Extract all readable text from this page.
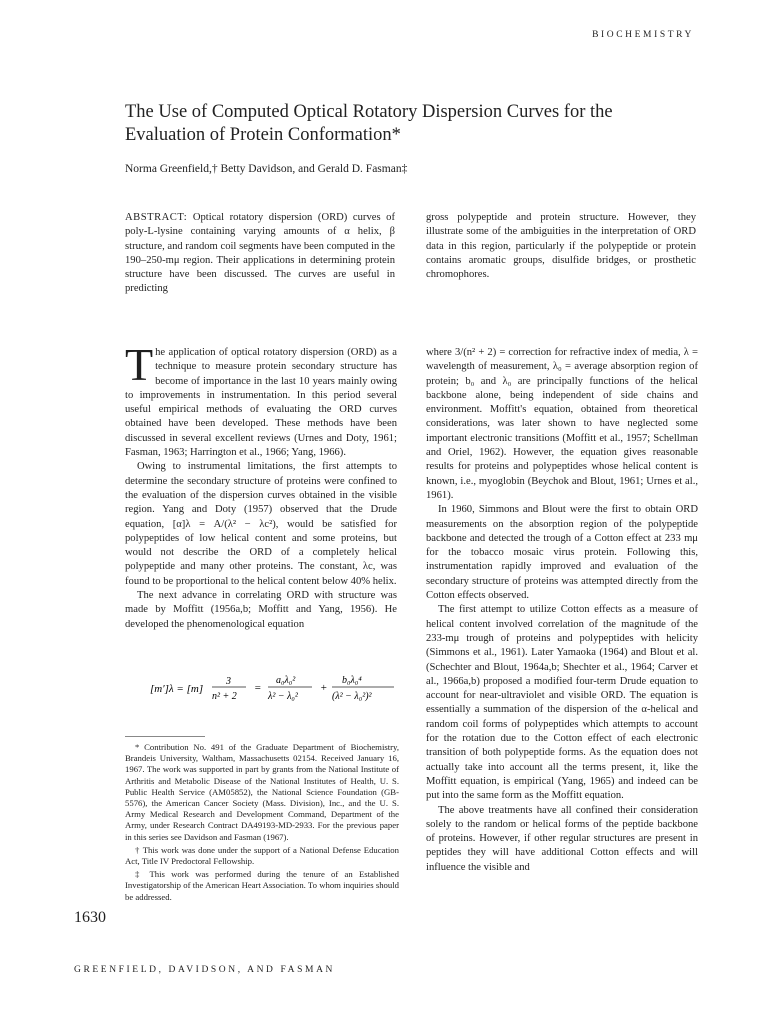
BIOCHEMISTRY
The Use of Computed Optical Rotatory Dispersion Curves for the Evaluation of Protein Conformation*
Norma Greenfield,† Betty Davidson, and Gerald D. Fasman‡
ABSTRACT: Optical rotatory dispersion (ORD) curves of poly-L-lysine containing varying amounts of α helix, β structure, and random coil segments have been computed in the 190–250-mμ region. Their applications in determining protein structure have been discussed. The curves are useful in predicting
gross polypeptide and protein structure. However, they illustrate some of the ambiguities in the interpretation of ORD data in this region, particularly if the polypeptide or protein contains aromatic groups, disulfide bridges, or prosthetic chromophores.

The application of optical rotatory dispersion (ORD) as a technique to measure protein secondary structure has become of importance in the last 10 years mainly owing to improvements in instrumentation. In this period several useful empirical methods of evaluating the ORD curves obtained have been developed. These methods have been discussed in several excellent reviews (Urnes and Doty, 1961; Fasman, 1963; Harrington et al., 1966; Yang, 1966).

Owing to instrumental limitations, the first attempts to determine the secondary structure of proteins were confined to the evaluation of the dispersion curves obtained in the visible region. Yang and Doty (1957) observed that the Drude equation, [α]λ = A/(λ² − λc²), would be satisfied for polypeptides of low helical content and some proteins, but would not describe the ORD of a completely helical polypeptide and many other proteins. The constant, λc, was found to be proportional to the helical content below 40% helix.

The next advance in correlating ORD with structure was made by Moffitt (1956a,b; Moffitt and Yang, 1956). He developed the phenomenological equation

[m′]λ = [m]
3
n² + 2
=
a₀λ₀²
λ² − λ₀²
+
b₀λ₀⁴
(λ² − λ₀²)²

* Contribution No. 491 of the Graduate Department of Biochemistry, Brandeis University, Waltham, Massachusetts 02154. Received January 16, 1967. The work was supported in part by grants from the National Institute of Arthritis and Metabolic Disease of the National Institutes of Health, U. S. Public Health Service (AM05852), the National Science Foundation (GB-5576), the American Cancer Society (Mass. Division), Inc., and the U. S. Army Medical Research and Development Command, Department of the Army, under Research Contract DA49193-MD-2933. For the previous paper in this series see Davidson and Fasman (1967).

† This work was done under the support of a National Defense Education Act, Title IV Predoctoral Fellowship.

‡ This work was performed during the tenure of an Established Investigatorship of the American Heart Association. To whom inquiries should be addressed.

where 3/(n² + 2) = correction for refractive index of media, λ = wavelength of measurement, λ₀ = average absorption region of protein; b₀ and λ₀ are principally functions of the helical backbone alone, being independent of side chains and environment. Moffitt's equation, obtained from theoretical considerations, was later shown to have neglected some important electronic transitions (Moffitt et al., 1957; Schellman and Oriel, 1962). However, the equation gives reasonable results for proteins and polypeptides whose helical content is known, i.e., myoglobin (Beychok and Blout, 1961; Urnes et al., 1961).

In 1960, Simmons and Blout were the first to obtain ORD measurements on the absorption region of the polypeptide backbone and detected the trough of a Cotton effect at 233 mμ for the tobacco mosaic virus protein. Following this, instrumentation rapidly improved and evaluation of the secondary structure of proteins was attempted directly from the Cotton effects observed.

The first attempt to utilize Cotton effects as a measure of helical content involved correlation of the magnitude of the 233-mμ trough of proteins and polypeptides with helicity (Simmons et al., 1961). Later Yamaoka (1964) and Blout et al. (Schechter and Blout, 1964a,b; Shechter et al., 1964; Carver et al., 1966a,b) proposed a modified four-term Drude equation to account for near-ultraviolet and visible ORD. The equation is essentially a summation of the dispersion of the α-helical and random coil forms of polypeptides which attempts to account for the rotation due to the Cotton effect of each electronic transition of both polypeptide forms. As the equation does not actually take into account all the terms present, it, like the Moffitt equation, is empirical (Yang, 1965) and indeed can be put into the same form as the Moffitt equation.

The above treatments have all confined their consideration solely to the random or helical forms of the peptide backbone of proteins. However, if other regular structures are present in peptides they will have additional Cotton effects and will influence the visible and

1630
GREENFIELD, DAVIDSON, AND FASMAN
